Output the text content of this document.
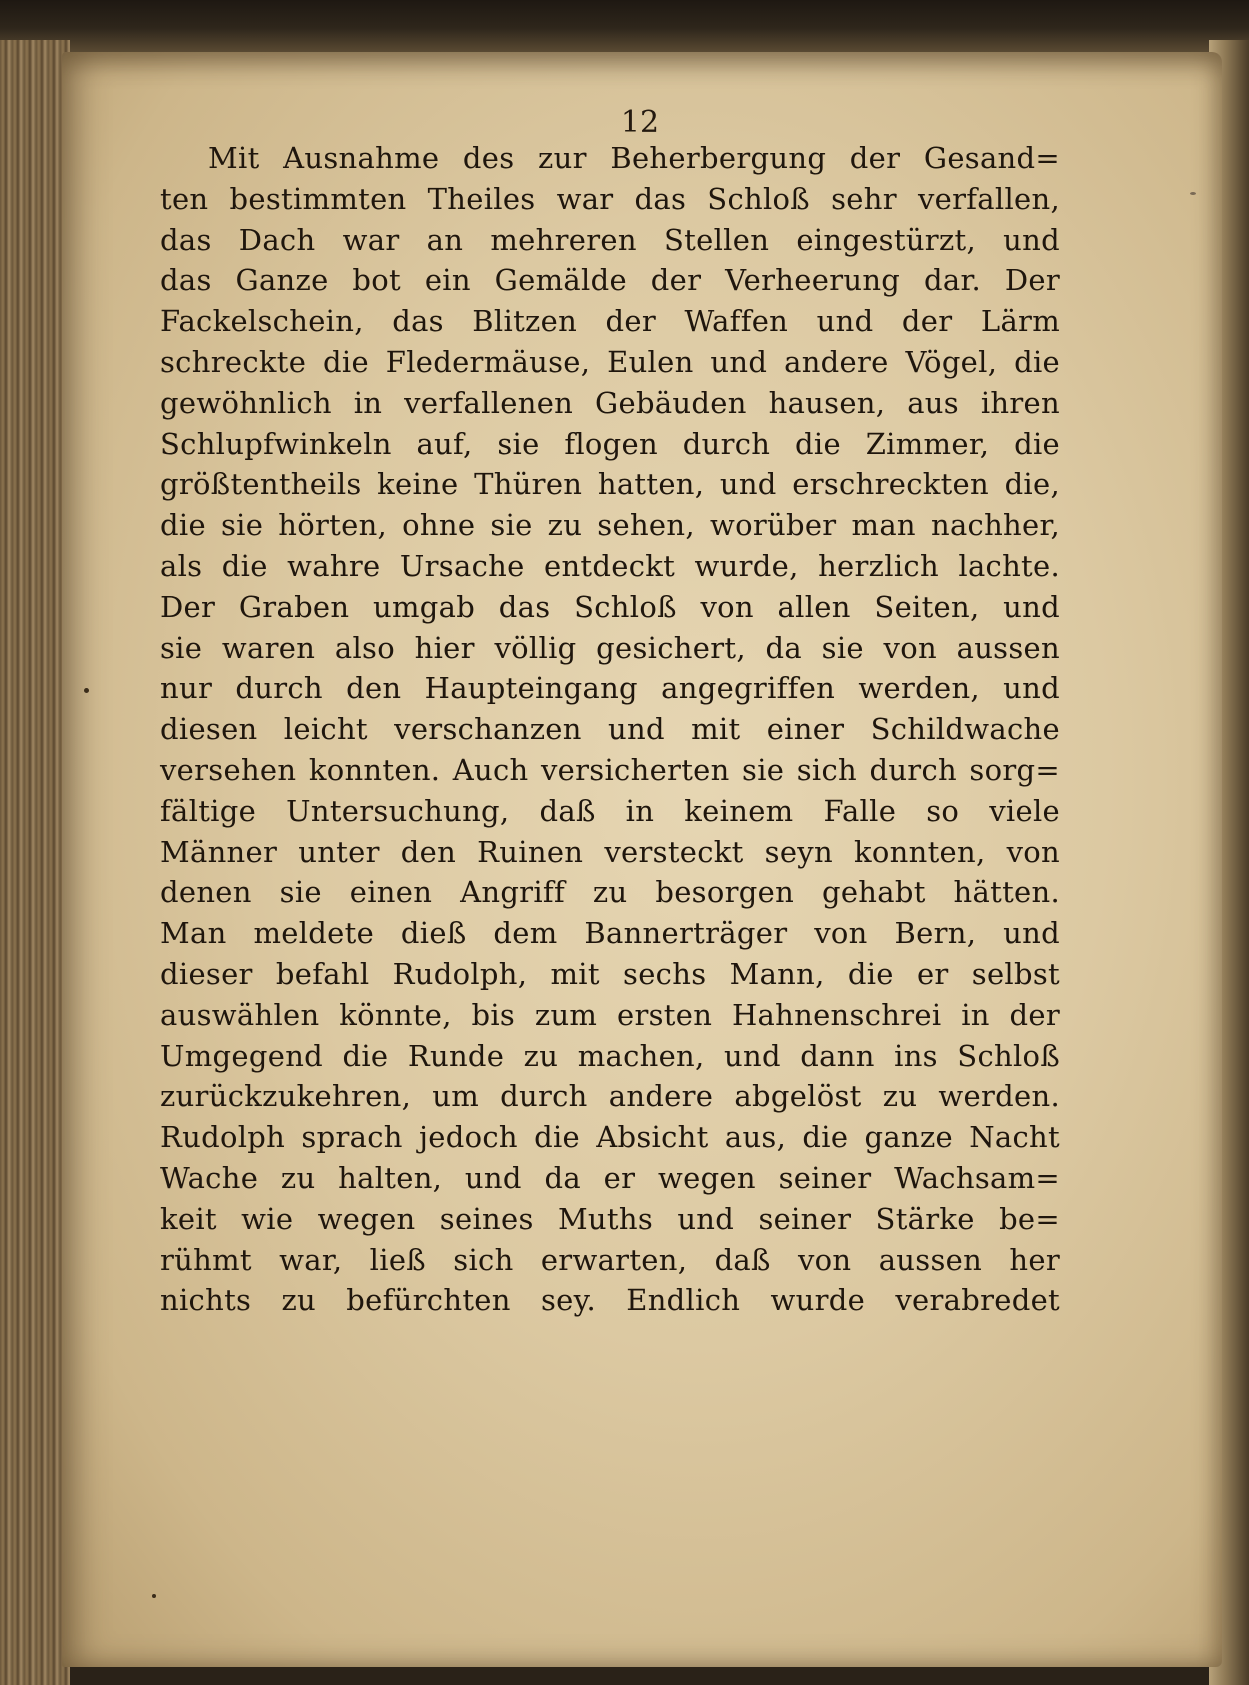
12

Mit Ausnahme des zur Beherbergung der Gesand=
ten bestimmten Theiles war das Schloß sehr verfallen,
das Dach war an mehreren Stellen eingestürzt, und
das Ganze bot ein Gemälde der Verheerung dar. Der
Fackelschein, das Blitzen der Waffen und der Lärm
schreckte die Fledermäuse, Eulen und andere Vögel, die
gewöhnlich in verfallenen Gebäuden hausen, aus ihren
Schlupfwinkeln auf, sie flogen durch die Zimmer, die
größtentheils keine Thüren hatten, und erschreckten die,
die sie hörten, ohne sie zu sehen, worüber man nachher,
als die wahre Ursache entdeckt wurde, herzlich lachte.
Der Graben umgab das Schloß von allen Seiten, und
sie waren also hier völlig gesichert, da sie von aussen
nur durch den Haupteingang angegriffen werden, und
diesen leicht verschanzen und mit einer Schildwache
versehen konnten. Auch versicherten sie sich durch sorg=
fältige Untersuchung, daß in keinem Falle so viele
Männer unter den Ruinen versteckt seyn konnten, von
denen sie einen Angriff zu besorgen gehabt hätten.
Man meldete dieß dem Bannerträger von Bern, und
dieser befahl Rudolph, mit sechs Mann, die er selbst
auswählen könnte, bis zum ersten Hahnenschrei in der
Umgegend die Runde zu machen, und dann ins Schloß
zurückzukehren, um durch andere abgelöst zu werden.
Rudolph sprach jedoch die Absicht aus, die ganze Nacht
Wache zu halten, und da er wegen seiner Wachsam=
keit wie wegen seines Muths und seiner Stärke be=
rühmt war, ließ sich erwarten, daß von aussen her
nichts zu befürchten sey. Endlich wurde verabredet
